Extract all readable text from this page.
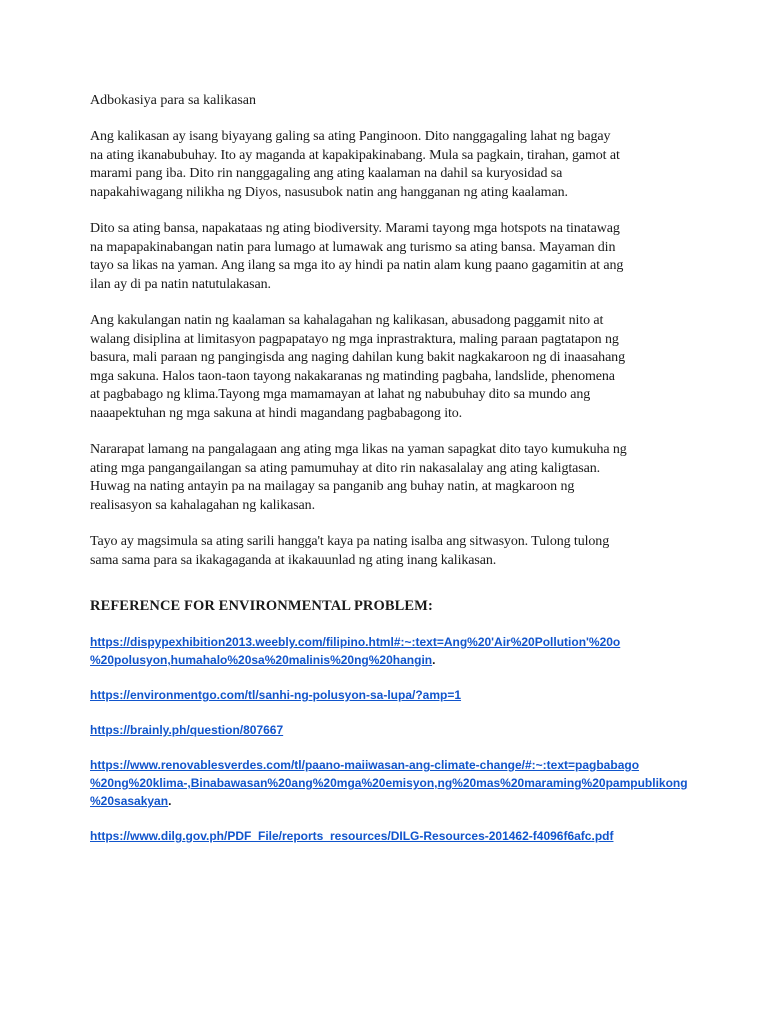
Adbokasiya para sa kalikasan

Ang kalikasan ay isang biyayang galing sa ating Panginoon. Dito nanggagaling lahat ng bagay
na ating ikanabubuhay. Ito ay maganda at kapakipakinabang. Mula sa pagkain, tirahan, gamot at
marami pang iba. Dito rin nanggagaling ang ating kaalaman na dahil sa kuryosidad sa
napakahiwagang nilikha ng Diyos, nasusubok natin ang hangganan ng ating kaalaman.

Dito sa ating bansa, napakataas ng ating biodiversity. Marami tayong mga hotspots na tinatawag
na mapapakinabangan natin para lumago at lumawak ang turismo sa ating bansa. Mayaman din
tayo sa likas na yaman. Ang ilang sa mga ito ay hindi pa natin alam kung paano gagamitin at ang
ilan ay di pa natin natutulakasan.

Ang kakulangan natin ng kaalaman sa kahalagahan ng kalikasan, abusadong paggamit nito at
walang disiplina at limitasyon pagpapatayo ng mga inprastraktura, maling paraan pagtatapon ng
basura, mali paraan ng pangingisda ang naging dahilan kung bakit nagkakaroon ng di inaasahang
mga sakuna. Halos taon-taon tayong nakakaranas ng matinding pagbaha, landslide, phenomena
at pagbabago ng klima.Tayong mga mamamayan at lahat ng nabubuhay dito sa mundo ang
naaapektuhan ng mga sakuna at hindi magandang pagbabagong ito.

Nararapat lamang na pangalagaan ang ating mga likas na yaman sapagkat dito tayo kumukuha ng
ating mga pangangailangan sa ating pamumuhay at dito rin nakasalalay ang ating kaligtasan.
Huwag na nating antayin pa na mailagay sa panganib ang buhay natin, at magkaroon ng
realisasyon sa kahalagahan ng kalikasan.

Tayo ay magsimula sa ating sarili hangga't kaya pa nating isalba ang sitwasyon. Tulong tulong
sama sama para sa ikakagaganda at ikakauunlad ng ating inang kalikasan.

REFERENCE FOR ENVIRONMENTAL PROBLEM:
https://dispypexhibition2013.weebly.com/filipino.html#:~:text=Ang%20'Air%20Pollution'%20o
%20polusyon,humahalo%20sa%20malinis%20ng%20hangin.
https://environmentgo.com/tl/sanhi-ng-polusyon-sa-lupa/?amp=1
https://brainly.ph/question/807667
https://www.renovablesverdes.com/tl/paano-maiiwasan-ang-climate-change/#:~:text=pagbabago
%20ng%20klima-,Binabawasan%20ang%20mga%20emisyon,ng%20mas%20maraming%20pampublikong
%20sasakyan.
https://www.dilg.gov.ph/PDF_File/reports_resources/DILG-Resources-201462-f4096f6afc.pdf
